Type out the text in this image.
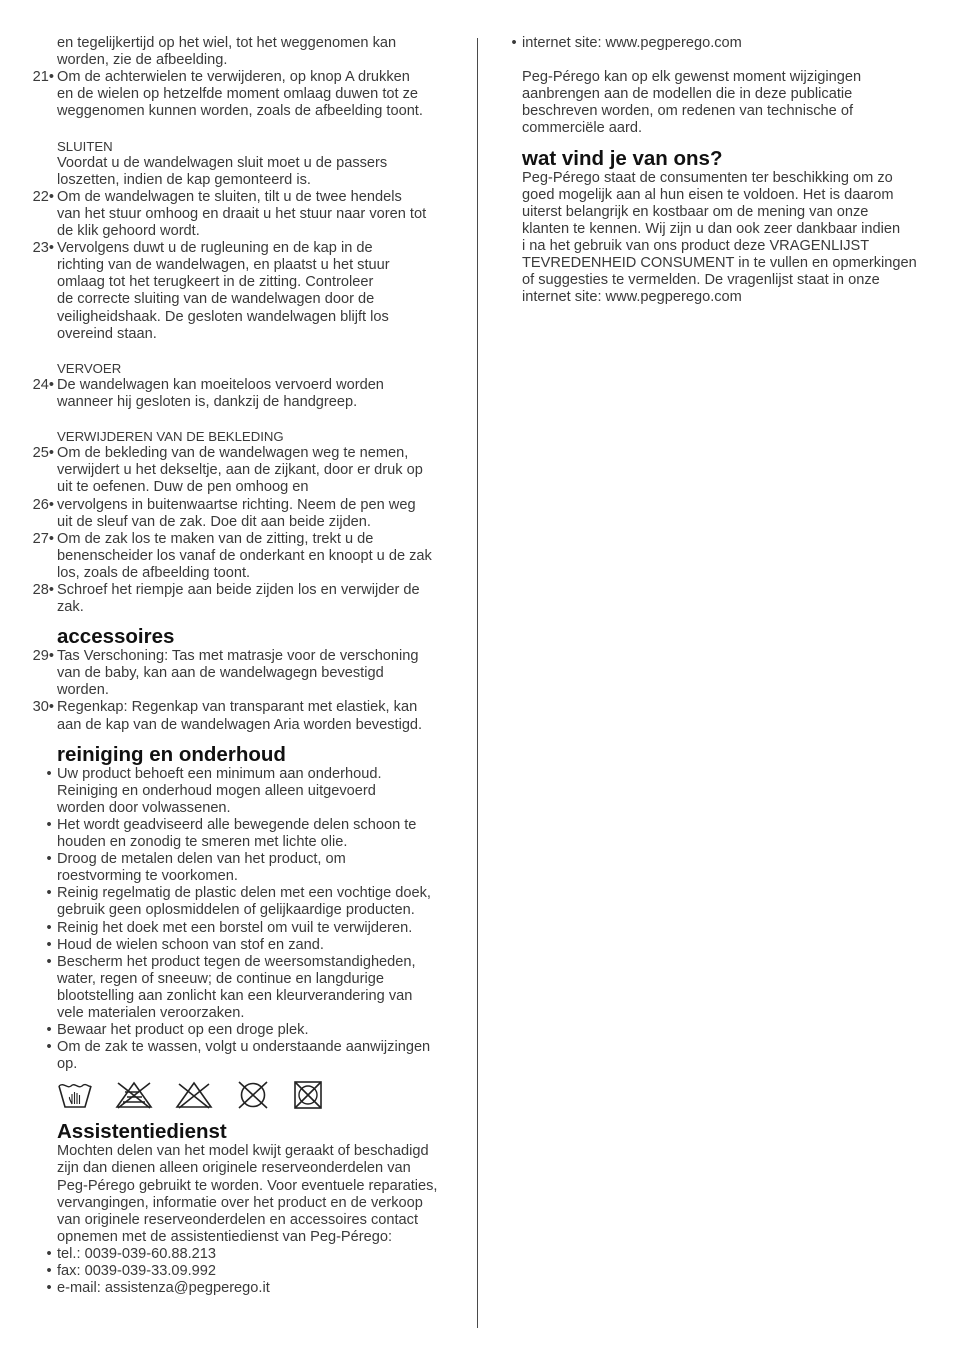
en tegelijkertijd op het wiel, tot het weggenomen kan
worden, zie de afbeelding.
21• Om de achterwielen te verwijderen, op knop A drukken
en de wielen op hetzelfde moment omlaag duwen tot ze
weggenomen kunnen worden, zoals de afbeelding toont.
SLUITEN
Voordat u de wandelwagen sluit moet u de passers
loszetten, indien de kap gemonteerd is.
22• Om de wandelwagen te sluiten, tilt u de twee hendels
van het stuur omhoog en draait u het stuur naar voren tot
de klik gehoord wordt.
23• Vervolgens duwt u de rugleuning en de kap in de
richting van de wandelwagen, en plaatst u het stuur
omlaag tot het terugkeert in de zitting. Controleer
de correcte sluiting van de wandelwagen door de
veiligheidshaak. De gesloten wandelwagen blijft los
overeind staan.
VERVOER
24• De wandelwagen kan moeiteloos vervoerd worden
wanneer hij gesloten is, dankzij de handgreep.
VERWIJDEREN VAN DE BEKLEDING
25• Om de bekleding van de wandelwagen weg te nemen,
verwijdert u het dekseltje, aan de zijkant, door er druk op
uit te oefenen. Duw de pen omhoog en
26• vervolgens in buitenwaartse richting. Neem de pen weg
uit de sleuf van de zak. Doe dit aan beide zijden.
27• Om de zak los te maken van de zitting, trekt u de
benenscheider los vanaf de onderkant en knoopt u de zak
los, zoals de afbeelding toont.
28• Schroef het riempje aan beide zijden los en verwijder de
zak.
accessoires
29• Tas Verschoning: Tas met matrasje voor de verschoning
van de baby, kan aan de wandelwagegn bevestigd
worden.
30• Regenkap: Regenkap van transparant met elastiek, kan
aan de kap van de wandelwagen Aria worden bevestigd.
reiniging en onderhoud
• Uw product behoeft een minimum aan onderhoud.
Reiniging en onderhoud mogen alleen uitgevoerd
worden door volwassenen.
• Het wordt geadviseerd alle bewegende delen schoon te
houden en zonodig te smeren met lichte olie.
• Droog de metalen delen van het product, om
roestvorming te voorkomen.
• Reinig regelmatig de plastic delen met een vochtige doek,
gebruik geen oplosmiddelen of gelijkaardige producten.
• Reinig het doek met een borstel om vuil te verwijderen.
• Houd de wielen schoon van stof en zand.
• Bescherm het product tegen de weersomstandigheden,
water, regen of sneeuw; de continue en langdurige
blootstelling aan zonlicht kan een kleurverandering van
vele materialen veroorzaken.
• Bewaar het product op een droge plek.
• Om de zak te wassen, volgt u onderstaande aanwijzingen
op.
Assistentiedienst
Mochten delen van het model kwijt geraakt of beschadigd
zijn dan dienen alleen originele reserveonderdelen van
Peg-Pérego gebruikt te worden. Voor eventuele reparaties,
vervangingen, informatie over het product en de verkoop
van originele reserveonderdelen en accessoires contact
opnemen met de assistentiedienst van Peg-Pérego:
• tel.: 0039-039-60.88.213
• fax: 0039-039-33.09.992
• e-mail: assistenza@pegperego.it
• internet site: www.pegperego.com
Peg-Pérego kan op elk gewenst moment wijzigingen
aanbrengen aan de modellen die in deze publicatie
beschreven worden, om redenen van technische of
commerciële aard.
wat vind je van ons?
Peg-Pérego staat de consumenten ter beschikking om zo
goed mogelijk aan al hun eisen te voldoen. Het is daarom
uiterst belangrijk en kostbaar om de mening van onze
klanten te kennen. Wij zijn u dan ook zeer dankbaar indien
i na het gebruik van ons product deze VRAGENLIJST
TEVREDENHEID CONSUMENT in te vullen en opmerkingen
of suggesties te vermelden. De vragenlijst staat in onze
internet site: www.pegperego.com
